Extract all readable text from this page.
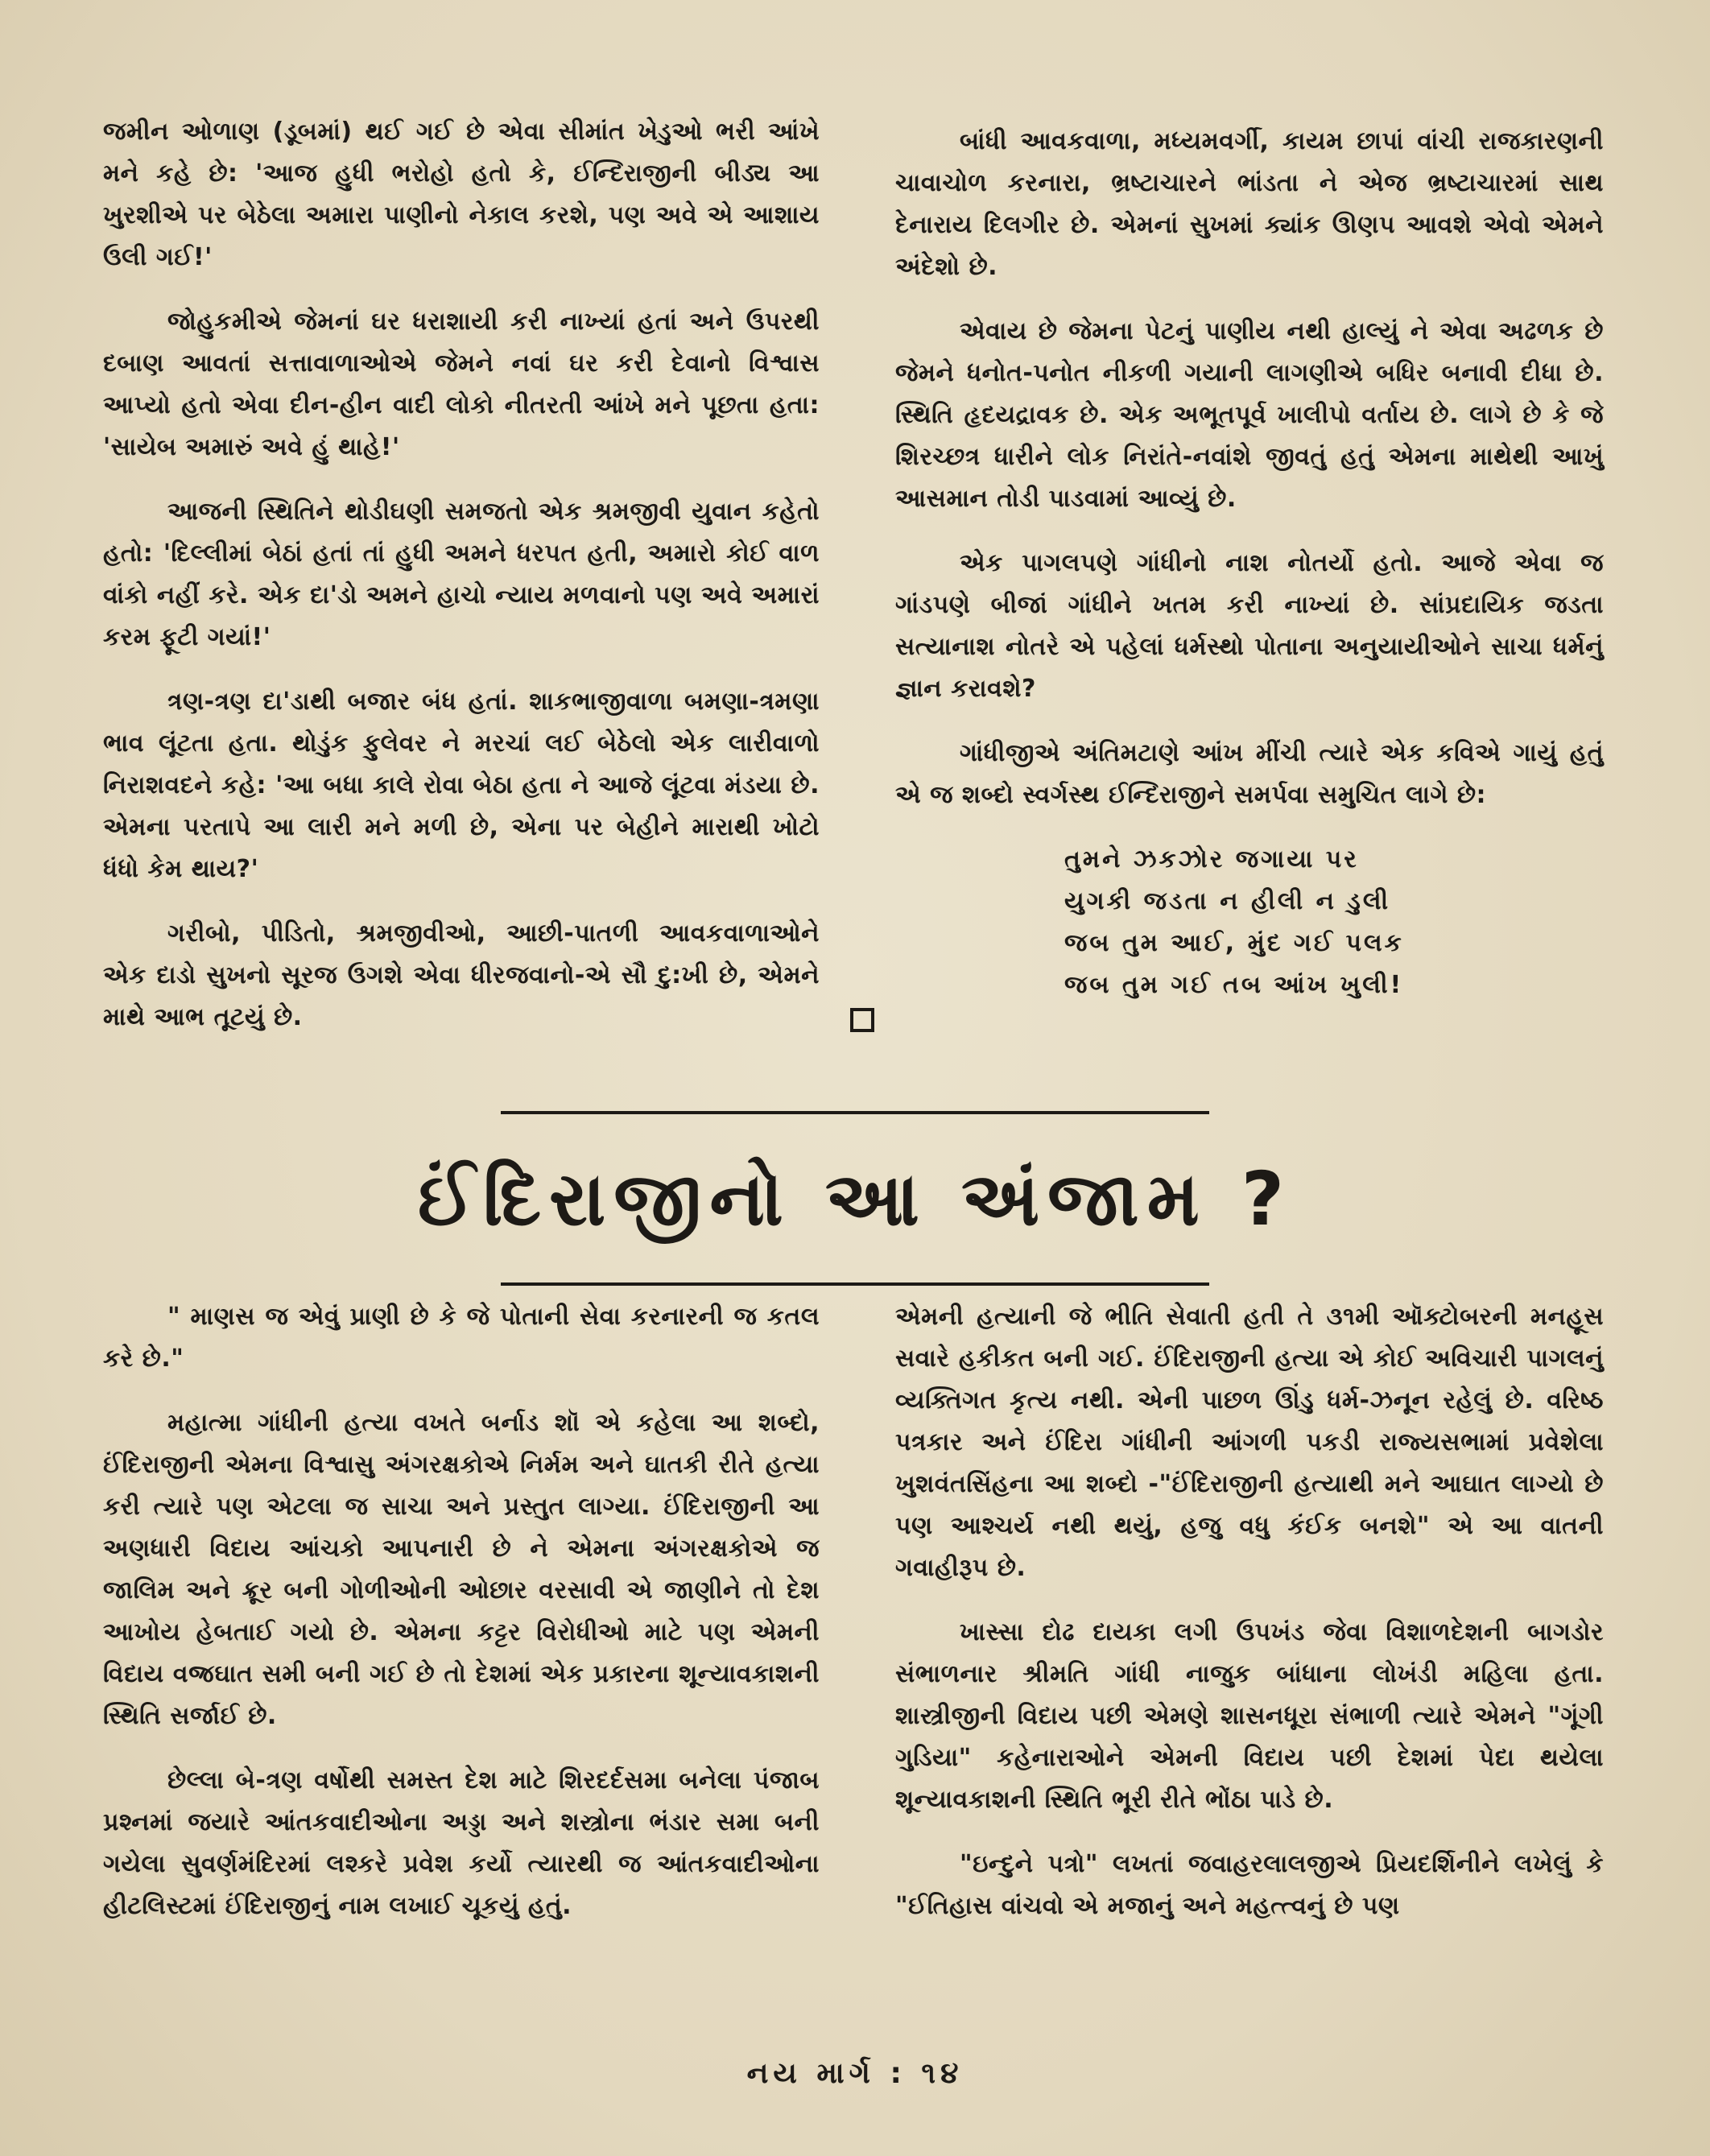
જમીન ઓળાણ (ડૂબમાં) થઈ ગઈ છે એવા સીમાંત ખેડુઓ ભરી આંખે મને કહે છે: 'આજ હુધી ભરોહો હતો કે, ઈન્દિરાજીની બીડ્ય આ ખુરશીએ પર બેઠેલા અમારા પાણીનો નેકાલ કરશે, પણ અવે એ આશાય ઉલી ગઈ!'

જોહુકમીએ જેમનાં ઘર ધરાશાયી કરી નાખ્યાં હતાં અને ઉપરથી દબાણ આવતાં સત્તાવાળાઓએ જેમને નવાં ઘર કરી દેવાનો વિશ્વાસ આપ્યો હતો એવા દીન-હીન વાદી લોકો નીતરતી આંખે મને પૂછતા હતા: 'સાયેબ અમારું અવે હું થાહે!'

આજની સ્થિતિને થોડીઘણી સમજતો એક શ્રમજીવી યુવાન કહેતો હતો: 'દિલ્લીમાં બેઠાં હતાં તાં હુધી અમને ધરપત હતી, અમારો કોઈ વાળ વાંકો નહીં કરે. એક દા'ડો અમને હાચો ન્યાય મળવાનો પણ અવે અમારાં કરમ ફૂટી ગયાં!'

ત્રણ-ત્રણ દા'ડાથી બજાર બંધ હતાં. શાકભાજીવાળા બમણા-ત્રમણા ભાવ લૂંટતા હતા. થોડુંક ફુલેવર ને મરચાં લઈ બેઠેલો એક લારીવાળો નિરાશવદને કહે: 'આ બધા કાલે રોવા બેઠા હતા ને આજે લૂંટવા મંડયા છે. એમના પરતાપે આ લારી મને મળી છે, એના પર બેહીને મારાથી ખોટો ધંધો કેમ થાય?'

ગરીબો, પીડિતો, શ્રમજીવીઓ, આછી-પાતળી આવકવાળાઓને એક દાડો સુખનો સૂરજ ઉગશે એવા ધીરજવાનો-એ સૌ દુ:ખી છે, એમને માથે આભ તૂટયું છે.

બાંધી આવકવાળા, મધ્યમવર્ગી, કાયમ છાપાં વાંચી રાજકારણની ચાવાચોળ કરનારા, ભ્રષ્ટાચારને ભાંડતા ને એજ ભ્રષ્ટાચારમાં સાથ દેનારાય દિલગીર છે. એમનાં સુખમાં ક્યાંક ઊણપ આવશે એવો એમને અંદેશો છે.

એવાય છે જેમના પેટનું પાણીય નથી હાલ્યું ને એવા અઢળક છે જેમને ધનોત-પનોત નીકળી ગયાની લાગણીએ બધિર બનાવી દીધા છે. સ્થિતિ હૃદયદ્રાવક છે. એક અભૂતપૂર્વ ખાલીપો વર્તાય છે. લાગે છે કે જે શિરચ્છત્ર ધારીને લોક નિરાંતે-નવાંશે જીવતું હતું એમના માથેથી આખું આસમાન તોડી પાડવામાં આવ્યું છે.

એક પાગલપણે ગાંધીનો નાશ નોતર્યો હતો. આજે એવા જ ગાંડપણે બીજાં ગાંધીને ખતમ કરી નાખ્યાં છે. સાંપ્રદાયિક જડતા સત્યાનાશ નોતરે એ પહેલાં ધર્મસ્થો પોતાના અનુયાયીઓને સાચા ધર્મનું જ્ઞાન કરાવશે?

ગાંધીજીએ અંતિમટાણે આંખ મીંચી ત્યારે એક કવિએ ગાયું હતું એ જ શબ્દો સ્વર્ગસ્થ ઈન્દિરાજીને સમર્પવા સમુચિત લાગે છે:

તુમને ઝકઝોર જગાયા પર
યુગકી જડતા ન હીલી ન ડુલી
જબ તુમ આઈ, મુંદ ગઈ પલક
જબ તુમ ગઈ તબ આંખ ખુલી!
ઈંદિરાજીનો આ અંજામ ?

" માણસ જ એવું પ્રાણી છે કે જે પોતાની સેવા કરનારની જ કતલ કરે છે."

મહાત્મા ગાંધીની હત્યા વખતે બર્નાડ શૉ એ કહેલા આ શબ્દો, ઈંદિરાજીની એમના વિશ્વાસુ અંગરક્ષકોએ નિર્મમ અને ઘાતકી રીતે હત્યા કરી ત્યારે પણ એટલા જ સાચા અને પ્રસ્તુત લાગ્યા. ઈંદિરાજીની આ અણધારી વિદાય આંચકો આપનારી છે ને એમના અંગરક્ષકોએ જ જાલિમ અને ક્રૂર બની ગોળીઓની ઓછાર વરસાવી એ જાણીને તો દેશ આખોય હેબતાઈ ગયો છે. એમના કટ્ટર વિરોધીઓ માટે પણ એમની વિદાય વજ્રઘાત સમી બની ગઈ છે તો દેશમાં એક પ્રકારના શૂન્યાવકાશની સ્થિતિ સર્જાઈ છે.

છેલ્લા બે-ત્રણ વર્ષોથી સમસ્ત દેશ માટે શિરદર્દસમા બનેલા પંજાબ પ્રશ્નમાં જયારે આંતકવાદીઓના અડ્ડા અને શસ્ત્રોના ભંડાર સમા બની ગયેલા સુવર્ણમંદિરમાં લશ્કરે પ્રવેશ કર્યો ત્યારથી જ આંતકવાદીઓના હીટલિસ્ટમાં ઈંદિરાજીનું નામ લખાઈ ચૂકયું હતું.

એમની હત્યાની જે ભીતિ સેવાતી હતી તે ૩૧મી ઑક્ટોબરની મનહૂસ સવારે હકીકત બની ગઈ. ઈંદિરાજીની હત્યા એ કોઈ અવિચારી પાગલનું વ્યક્તિગત કૃત્ય નથી. એની પાછળ ઊંડુ ધર્મ-ઝનૂન રહેલું છે. વરિષ્ઠ પત્રકાર અને ઈંદિરા ગાંધીની આંગળી પકડી રાજ્યસભામાં પ્રવેશેલા ખુશવંતસિંહના આ શબ્દો -"ઈંદિરાજીની હત્યાથી મને આઘાત લાગ્યો છે પણ આશ્ચર્ય નથી થયું, હજુ વધુ કંઈક બનશે" એ આ વાતની ગવાહીરૂપ છે.

ખાસ્સા દોઢ દાયકા લગી ઉપખંડ જેવા વિશાળદેશની બાગડોર સંભાળનાર શ્રીમતિ ગાંધી નાજુક બાંધાના લોખંડી મહિલા હતા. શાસ્ત્રીજીની વિદાય પછી એમણે શાસનધૂરા સંભાળી ત્યારે એમને "ગૂંગી ગુડિયા" કહેનારાઓને એમની વિદાય પછી દેશમાં પેદા થયેલા શૂન્યાવકાશની સ્થિતિ ભૂરી રીતે ભોંઠા પાડે છે.

"ઇન્દુને પત્રો" લખતાં જવાહરલાલજીએ પ્રિયદર્શિનીને લખેલું કે "ઈતિહાસ વાંચવો એ મજાનું અને મહત્ત્વનું છે પણ

નય માર્ગ : ૧૪
